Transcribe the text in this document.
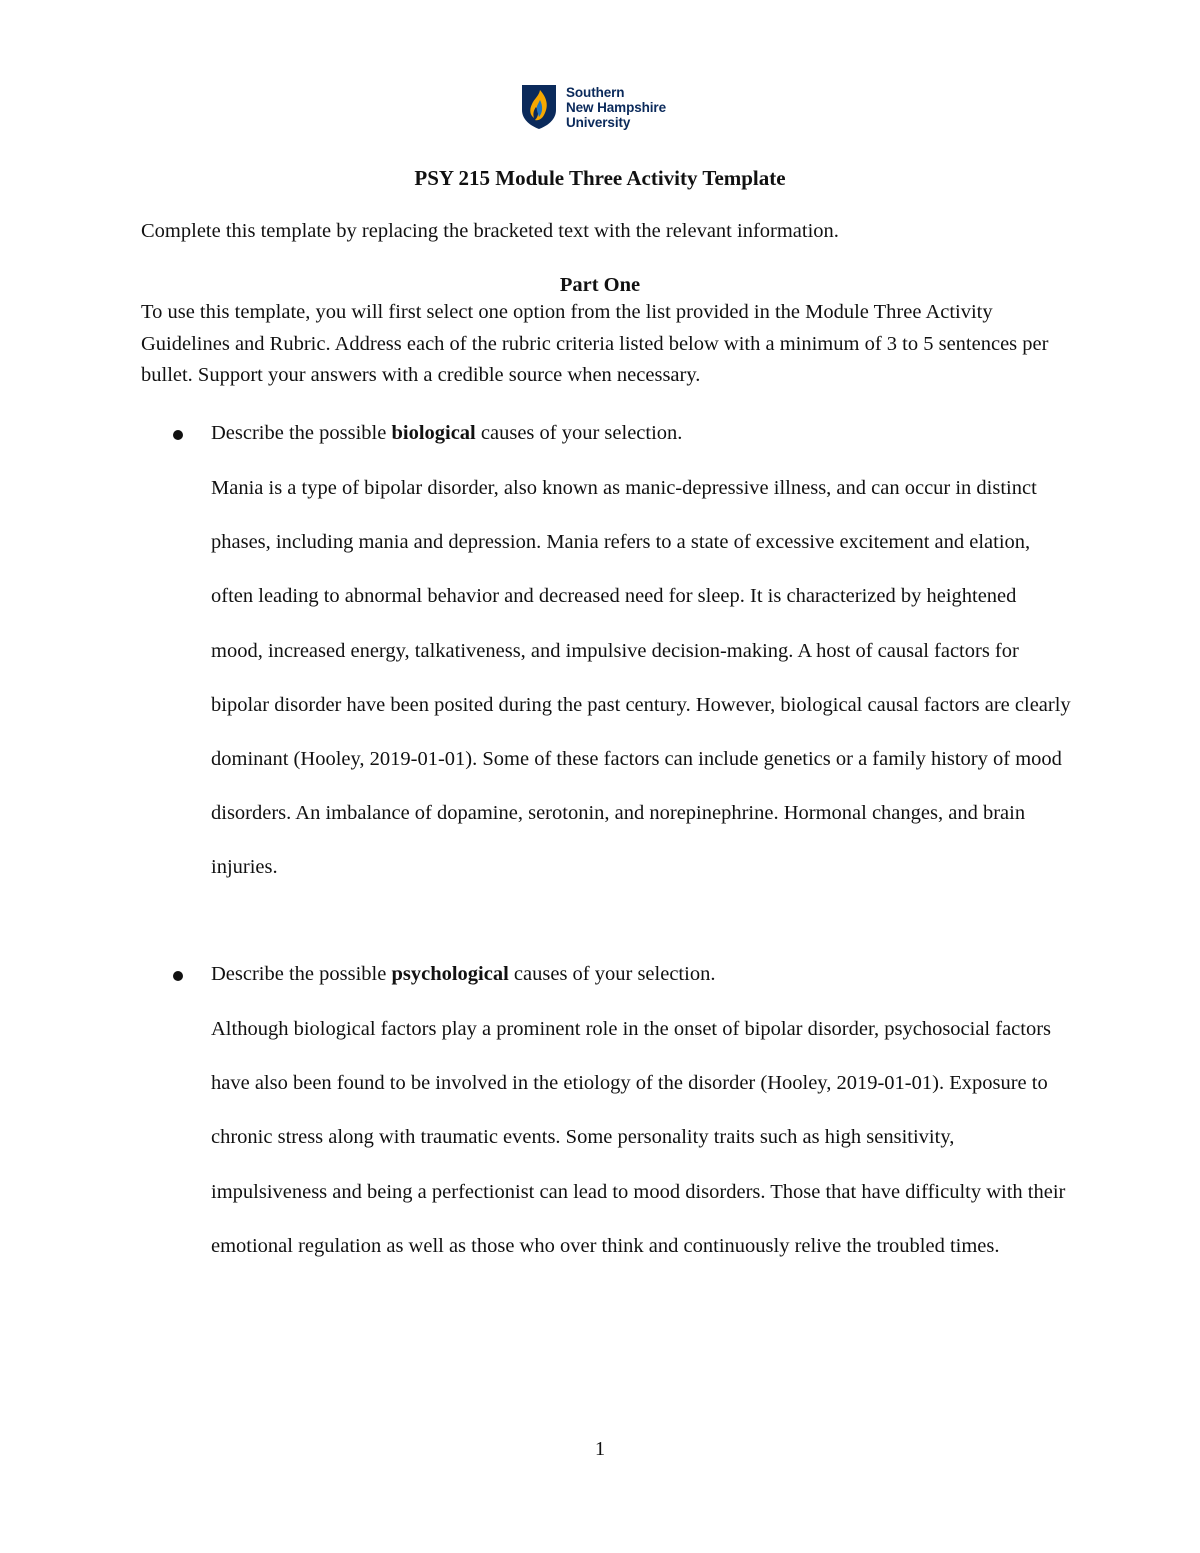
Southern
New Hampshire
University
PSY 215 Module Three Activity Template
Complete this template by replacing the bracketed text with the relevant information.
Part One
To use this template, you will first select one option from the list provided in the Module Three Activity Guidelines and Rubric. Address each of the rubric criteria listed below with a minimum of 3 to 5 sentences per bullet. Support your answers with a credible source when necessary.
Describe the possible biological causes of your selection.
Mania is a type of bipolar disorder, also known as manic-depressive illness, and can occur in distinct phases, including mania and depression. Mania refers to a state of excessive excitement and elation, often leading to abnormal behavior and decreased need for sleep. It is characterized by heightened mood, increased energy, talkativeness, and impulsive decision-making. A host of causal factors for bipolar disorder have been posited during the past century. However, biological causal factors are clearly dominant (Hooley, 2019-01-01). Some of these factors can include genetics or a family history of mood disorders. An imbalance of dopamine, serotonin, and norepinephrine. Hormonal changes, and brain injuries.
Describe the possible psychological causes of your selection.
Although biological factors play a prominent role in the onset of bipolar disorder, psychosocial factors have also been found to be involved in the etiology of the disorder (Hooley, 2019-01-01). Exposure to chronic stress along with traumatic events. Some personality traits such as high sensitivity, impulsiveness and being a perfectionist can lead to mood disorders. Those that have difficulty with their emotional regulation as well as those who over think and continuously relive the troubled times.
1
